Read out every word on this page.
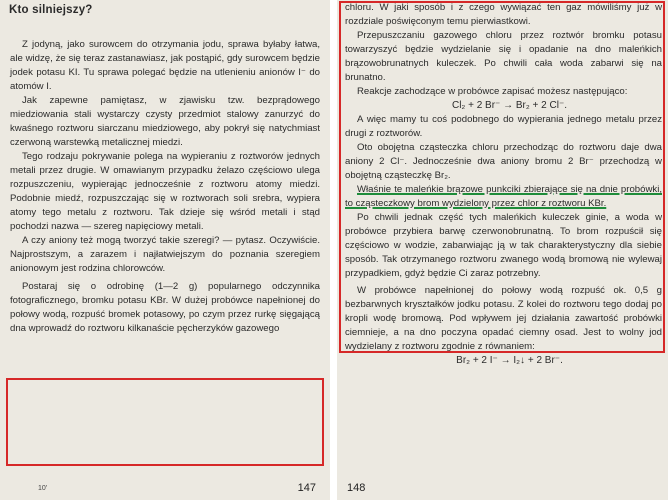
Kto silniejszy?

Z jodyną, jako surowcem do otrzymania jodu, sprawa byłaby łatwa, ale widzę, że się teraz zastanawiasz, jak postąpić, gdy surowcem będzie jodek potasu KI. Tu sprawa polegać będzie na utlenieniu anionów I⁻ do atomów I.

Jak zapewne pamiętasz, w zjawisku tzw. bezprądowego miedziowania stali wystarczy czysty przedmiot stalowy zanurzyć do kwaśnego roztworu siarczanu miedziowego, aby pokrył się natychmiast czerwoną warstewką metalicznej miedzi.

Tego rodzaju pokrywanie polega na wypieraniu z roztworów jednych metali przez drugie. W omawianym przypadku żelazo częściowo ulega rozpuszczeniu, wypierając jednocześnie z roztworu atomy miedzi. Podobnie miedź, rozpuszczając się w roztworach soli srebra, wypiera atomy tego metalu z roztworu. Tak dzieje się wśród metali i stąd pochodzi nazwa — szereg napięciowy metali.

A czy aniony też mogą tworzyć takie szeregi? — pytasz. Oczywiście. Najprostszym, a zarazem i najłatwiejszym do poznania szeregiem anionowym jest rodzina chlorowców.

Postaraj się o odrobinę (1—2 g) popularnego odczynnika fotograficznego, bromku potasu KBr. W dużej probówce napełnionej do połowy wodą, rozpuść bromek potasowy, po czym przez rurkę sięgającą dna wprowadź do roztworu kilkanaście pęcherzyków gazowego

10'	147

chloru. W jaki sposób i z czego wywiązać ten gaz mówiliśmy już w rozdziale poświęconym temu pierwiastkowi.

Przepuszczaniu gazowego chloru przez roztwór bromku potasu towarzyszyć będzie wydzielanie się i opadanie na dno maleńkich brązowobrunatnych kuleczek. Po chwili cała woda zabarwi się na brunatno.

Reakcje zachodzące w probówce zapisać możesz następująco:

Cl₂ + 2 Br⁻ → Br₂ + 2 Cl⁻.

A więc mamy tu coś podobnego do wypierania jednego metalu przez drugi z roztworów.

Oto obojętna cząsteczka chloru przechodząc do roztworu daje dwa aniony 2 Cl⁻. Jednocześnie dwa aniony bromu 2 Br⁻ przechodzą w obojętną cząsteczkę Br₂.

Właśnie te maleńkie brązowe punkciki zbierające się na dnie probówki, to cząsteczkowy brom wydzielony przez chlor z roztworu KBr.

Po chwili jednak część tych maleńkich kuleczek ginie, a woda w probówce przybiera barwę czerwonobrunatną. To brom rozpuścił się częściowo w wodzie, zabarwiając ją w tak charakterystyczny dla siebie sposób. Tak otrzymanego roztworu zwanego wodą bromową nie wylewaj przypadkiem, gdyż będzie Ci zaraz potrzebny.

W probówce napełnionej do połowy wodą rozpuść ok. 0,5 g bezbarwnych kryształków jodku potasu. Z kolei do roztworu tego dodaj po kropli wodę bromową. Pod wpływem jej działania zawartość probówki ciemnieje, a na dno poczyna opadać ciemny osad. Jest to wolny jod wydzielany z roztworu zgodnie z równaniem:

Br₂ + 2 I⁻ → I₂↓ + 2 Br⁻.

148
